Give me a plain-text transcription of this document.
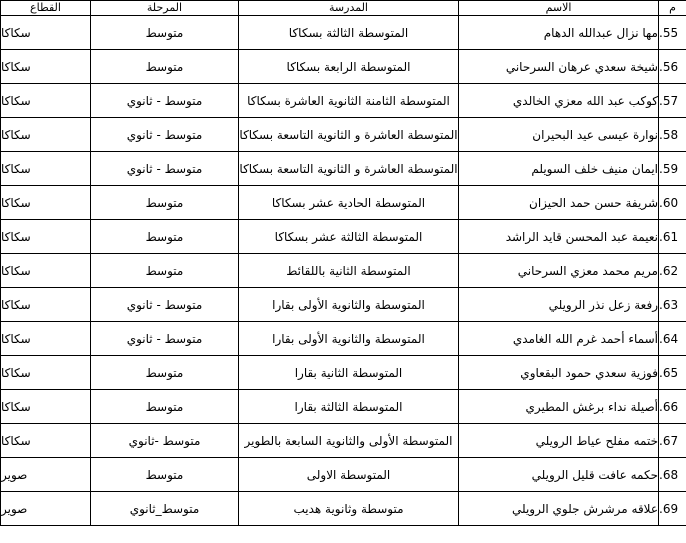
القطاع	المرحلة	المدرسة	الاسم	م
سكاكا	متوسط	المتوسطة الثالثة بسكاكا	مها نزال عبدالله الدهام	.55
سكاكا	متوسط	المتوسطة الرابعة بسكاكا	شيخة سعدي عرهان السرحاني	.56
سكاكا	متوسط - ثانوي	المتوسطة الثامنة الثانوية العاشرة بسكاكا	كوكب عبد الله معزي الخالدي	.57
سكاكا	متوسط - ثانوي	المتوسطة العاشرة و الثانوية التاسعة بسكاكا	نوارة عيسى عيد البحيران	.58
سكاكا	متوسط - ثانوي	المتوسطة العاشرة و الثانوية التاسعة بسكاكا	ايمان منيف خلف السويلم	.59
سكاكا	متوسط	المتوسطة الحادية عشر بسكاكا	شريفة حسن حمد الحيزان	.60
سكاكا	متوسط	المتوسطة الثالثة عشر بسكاكا	نعيمة عبد المحسن قايد الراشد	.61
سكاكا	متوسط	المتوسطة الثانية باللقائط	مريم محمد معزي السرحاني	.62
سكاكا	متوسط - ثانوي	المتوسطة والثانوية الأولى بقارا	رفعة زعل نذر الرويلي	.63
سكاكا	متوسط - ثانوي	المتوسطة والثانوية الأولى بقارا	أسماء أحمد غرم الله الغامدي	.64
سكاكا	متوسط	المتوسطة الثانية بقارا	فوزية سعدي حمود البقعاوي	.65
سكاكا	متوسط	المتوسطة الثالثة بقارا	أصيلة نداء برغش المطيري	.66
سكاكا	متوسط -ثانوي	المتوسطة الأولى والثانوية السابعة بالطوير	ختمه مفلح عياط الرويلي	.67
صوير	متوسط	المتوسطة الاولى	حكمه عافت قليل الرويلي	.68
صوير	متوسط_ثانوي	متوسطة وثانوية هديب	علاقه مرشرش جلوي الرويلي	.69
